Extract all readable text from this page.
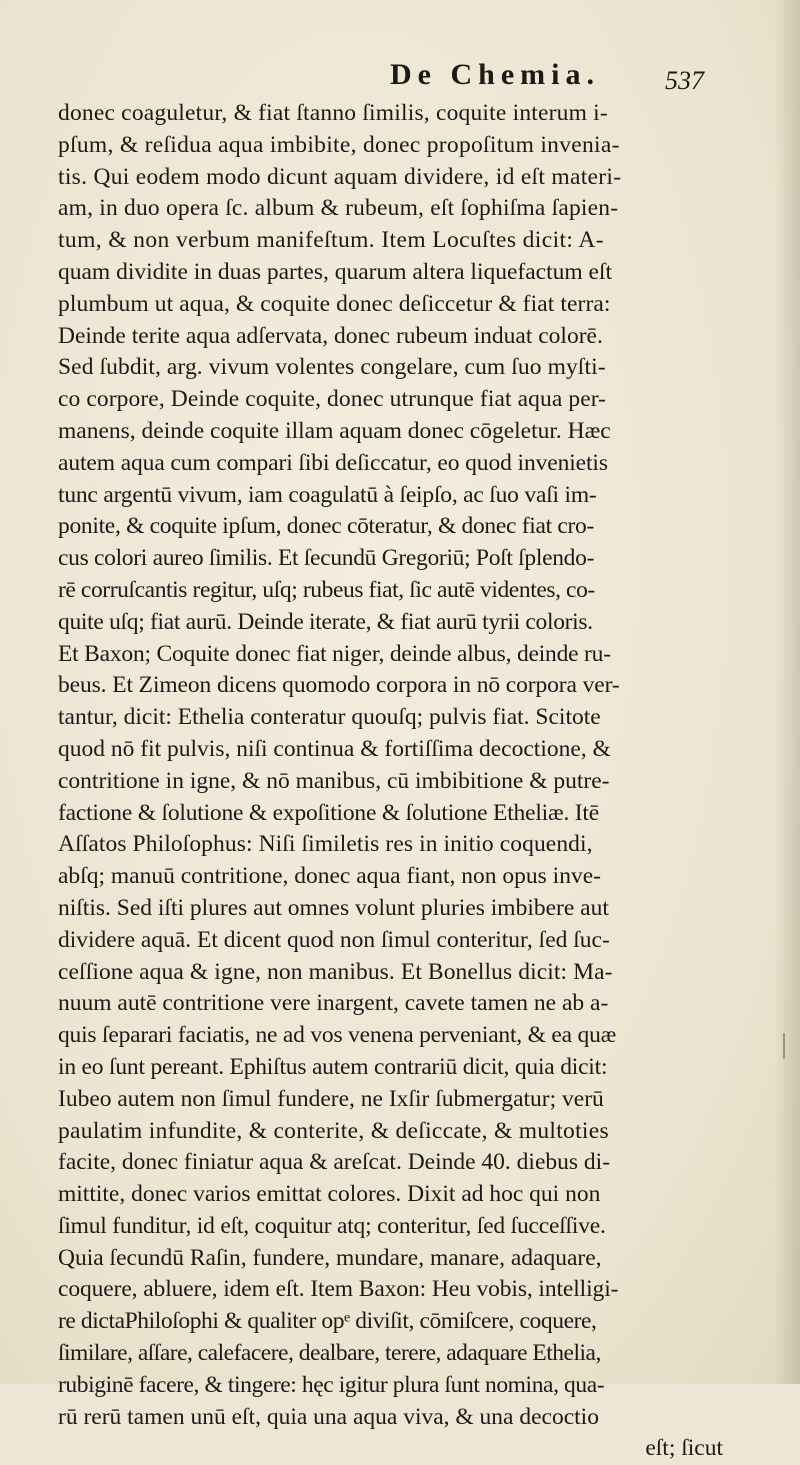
De Chemia.	537
donec coaguletur, & fiat ſtanno ſimilis, coquite interum i-
pſum, & reſidua aqua imbibite, donec propoſitum invenia-
tis. Qui eodem modo dicunt aquam dividere, id eſt materi-
am, in duo opera ſc. album & rubeum, eſt ſophiſma ſapien-
tum, & non verbum manifeſtum. Item Locuſtes dicit: A-
quam dividite in duas partes, quarum altera liquefactum eſt
plumbum ut aqua, & coquite donec deſiccetur & fiat terra:
Deinde terite aqua adſervata, donec rubeum induat colorē.
Sed ſubdit, arg. vivum volentes congelare, cum ſuo myſti-
co corpore, Deinde coquite, donec utrunque fiat aqua per-
manens, deinde coquite illam aquam donec cōgeletur. Hæc
autem aqua cum compari ſibi deſiccatur, eo quod invenietis
tunc argentū vivum, iam coagulatū à ſeipſo, ac ſuo vaſi im-
ponite, & coquite ipſum, donec cōteratur, & donec fiat cro-
cus colori aureo ſimilis. Et ſecundū Gregoriū; Poſt ſplendo-
rē corruſcantis regitur, uſq; rubeus fiat, ſic autē videntes, co-
quite uſq; fiat aurū. Deinde iterate, & fiat aurū tyrii coloris.
Et Baxon; Coquite donec fiat niger, deinde albus, deinde ru-
beus. Et Zimeon dicens quomodo corpora in nō corpora ver-
tantur, dicit: Ethelia conteratur quouſq; pulvis fiat. Scitote
quod nō fit pulvis, niſi continua & fortiſſima decoctione, &
contritione in igne, & nō manibus, cū imbibitione & putre-
factione & ſolutione & expoſitione & ſolutione Etheliæ. Itē
Aſſatos Philoſophus: Niſi ſimiletis res in initio coquendi,
abſq; manuū contritione, donec aqua fiant, non opus inve-
niſtis. Sed iſti plures aut omnes volunt pluries imbibere aut
dividere aquā. Et dicent quod non ſimul conteritur, ſed ſuc-
ceſſione aqua & igne, non manibus. Et Bonellus dicit: Ma-
nuum autē contritione vere inargent, cavete tamen ne ab a-
quis ſeparari faciatis, ne ad vos venena perveniant, & ea quæ
in eo ſunt pereant. Ephiſtus autem contrariū dicit, quia dicit:
Iubeo autem non ſimul fundere, ne Ixſir ſubmergatur; verū
paulatim infundite, & conterite, & deſiccate, & multoties
facite, donec finiatur aqua & areſcat. Deinde 40. diebus di-
mittite, donec varios emittat colores. Dixit ad hoc qui non
ſimul funditur, id eſt, coquitur atq; conteritur, ſed ſucceſſive.
Quia ſecundū Raſin, fundere, mundare, manare, adaquare,
coquere, abluere, idem eſt. Item Baxon: Heu vobis, intelligi-
re dictaPhiloſophi & qualiter opᵉ diviſit, cōmiſcere, coquere,
ſimilare, aſſare, calefacere, dealbare, terere, adaquare Ethelia,
rubiginē facere, & tingere: hęc igitur plura ſunt nomina, qua-
rū rerū tamen unū eſt, quia una aqua viva, & una decoctio
eſt; ſicut
